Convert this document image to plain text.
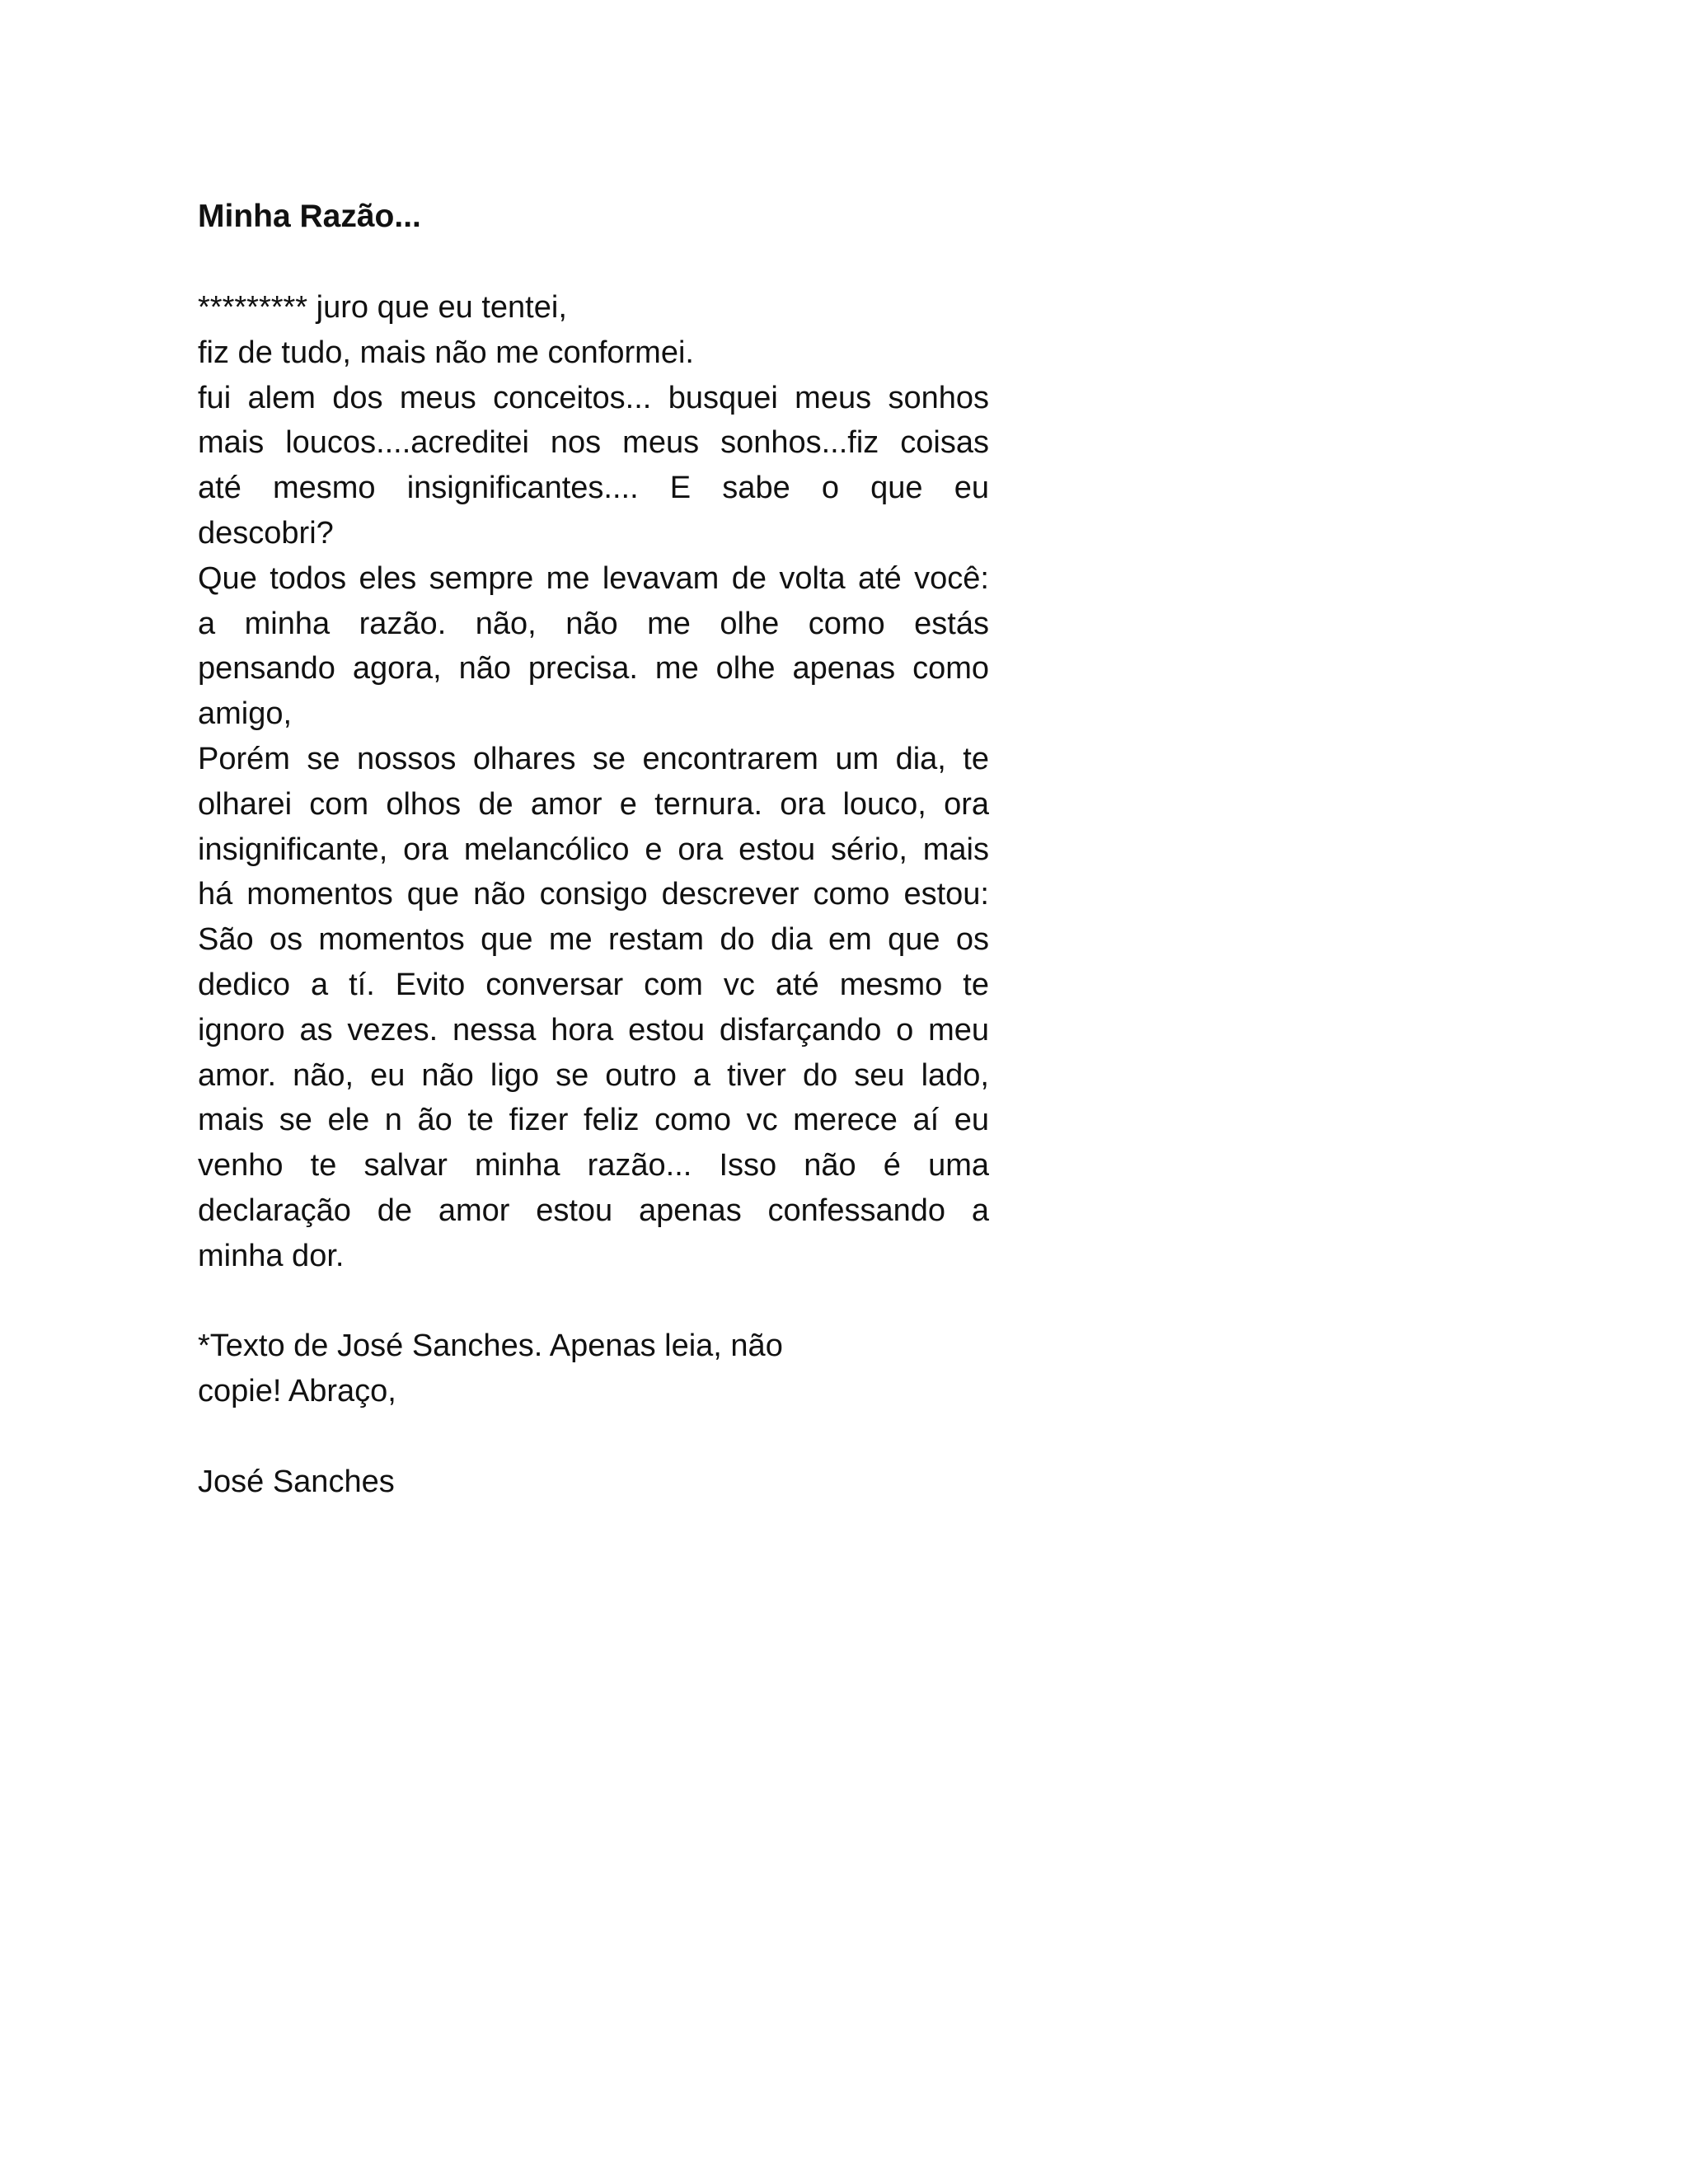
Minha Razão...
********* juro que eu tentei,
fiz de tudo, mais não me conformei.
fui alem dos meus conceitos... busquei meus sonhos
mais loucos....acreditei nos meus sonhos...fiz coisas
até mesmo insignificantes.... E sabe o que eu
descobri?
Que todos eles sempre me levavam de volta até você:
a minha razão. não, não me olhe como estás
pensando agora, não precisa. me olhe apenas como
amigo,
Porém se nossos olhares se encontrarem um dia, te
olharei com olhos de amor e ternura. ora louco, ora
insignificante, ora melancólico e ora estou sério, mais
há momentos que não consigo descrever como estou:
São os momentos que me restam do dia em que os
dedico a tí. Evito conversar com vc até mesmo te
ignoro as vezes. nessa hora estou disfarçando o meu
amor. não, eu não ligo se outro a tiver do seu lado,
mais se ele n ão te fizer feliz como vc merece aí eu
venho te salvar minha razão... Isso não é uma
declaração de amor estou apenas confessando a
minha dor.
*Texto de José Sanches. Apenas leia, não
copie! Abraço,
José Sanches
